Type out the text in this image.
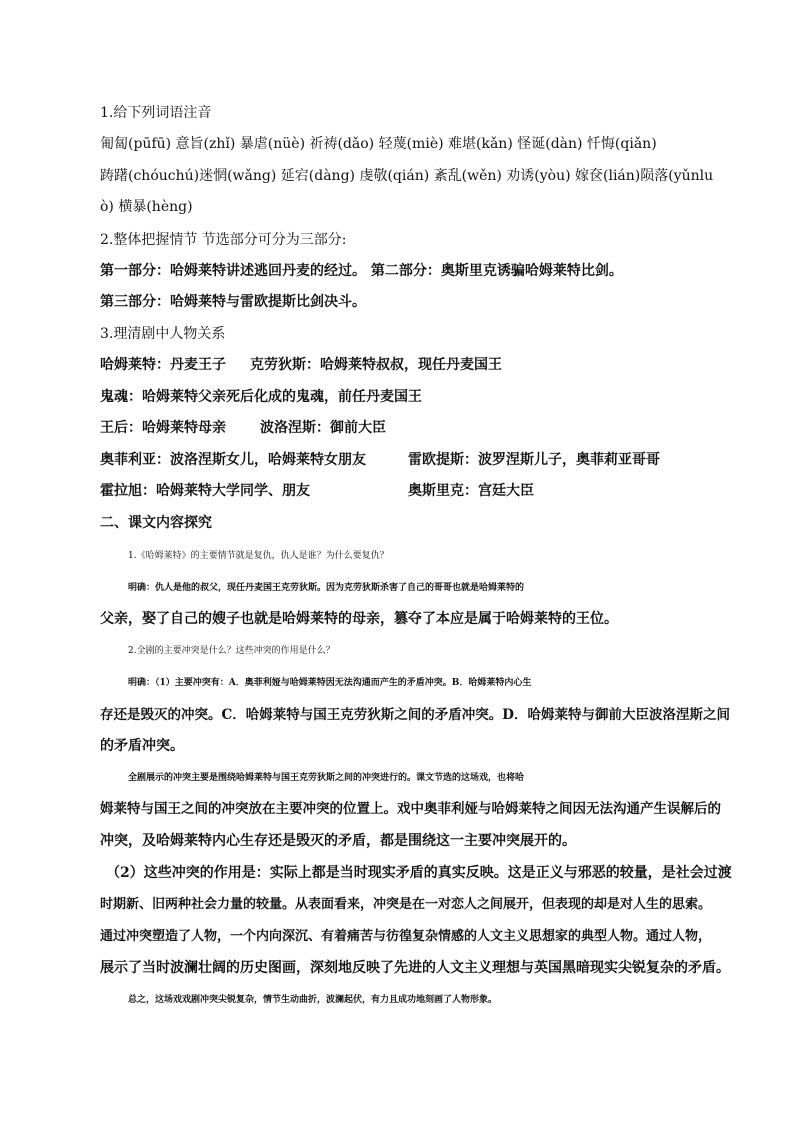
1.给下列词语注音
匍匐(pūfū) 意旨(zhǐ) 暴虐(nüè) 祈祷(dǎo) 轻蔑(miè) 难堪(kǎn) 怪诞(dàn) 忏悔(qiǎn)
踌躇(chóuchú)迷惘(wǎng) 延宕(dàng) 虔敬(qián) 紊乱(wěn) 劝诱(yòu) 嫁奁(lián)陨落(yǔnlu
ò) 横暴(hèng)
2.整体把握情节 节选部分可分为三部分:
第一部分：哈姆莱特讲述逃回丹麦的经过。 第二部分：奥斯里克诱骗哈姆莱特比剑。
第三部分：哈姆莱特与雷欧提斯比剑决斗。
3.理清剧中人物关系
哈姆莱特：丹麦王子 克劳狄斯：哈姆莱特叔叔，现任丹麦国王
鬼魂：哈姆莱特父亲死后化成的鬼魂，前任丹麦国王
王后：哈姆莱特母亲 波洛涅斯：御前大臣
奥菲利亚：波洛涅斯女儿，哈姆莱特女朋友	雷欧提斯：波罗涅斯儿子，奥菲莉亚哥哥
霍拉旭：哈姆莱特大学同学、朋友	奥斯里克：宫廷大臣
二、课文内容探究
1.《哈姆莱特》的主要情节就是复仇，仇人是谁？为什么要复仇？
明确：仇人是他的叔父，现任丹麦国王克劳狄斯。因为克劳狄斯杀害了自己的哥哥也就是哈姆莱特的
父亲，娶了自己的嫂子也就是哈姆莱特的母亲，篡夺了本应是属于哈姆莱特的王位。
2.全剧的主要冲突是什么？这些冲突的作用是什么？
明确：（1）主要冲突有：A．奥菲利娅与哈姆莱特因无法沟通而产生的矛盾冲突。B．哈姆莱特内心生
存还是毁灭的冲突。C．哈姆莱特与国王克劳狄斯之间的矛盾冲突。D．哈姆莱特与御前大臣波洛涅斯之间
的矛盾冲突。
全剧展示的冲突主要是围绕哈姆莱特与国王克劳狄斯之间的冲突进行的。课文节选的这场戏，也将哈
姆莱特与国王之间的冲突放在主要冲突的位置上。戏中奥菲利娅与哈姆莱特之间因无法沟通产生误解后的
冲突，及哈姆莱特内心生存还是毁灭的矛盾，都是围绕这一主要冲突展开的。
（2）这些冲突的作用是：实际上都是当时现实矛盾的真实反映。这是正义与邪恶的较量，是社会过渡
时期新、旧两种社会力量的较量。从表面看来，冲突是在一对恋人之间展开，但表现的却是对人生的思索。
通过冲突塑造了人物，一个内向深沉、有着痛苦与彷徨复杂情感的人文主义思想家的典型人物。通过人物，
展示了当时波澜壮阔的历史图画，深刻地反映了先进的人文主义理想与英国黑暗现实尖锐复杂的矛盾。
总之，这场戏戏剧冲突尖锐复杂，情节生动曲折，波澜起伏，有力且成功地刻画了人物形象。
